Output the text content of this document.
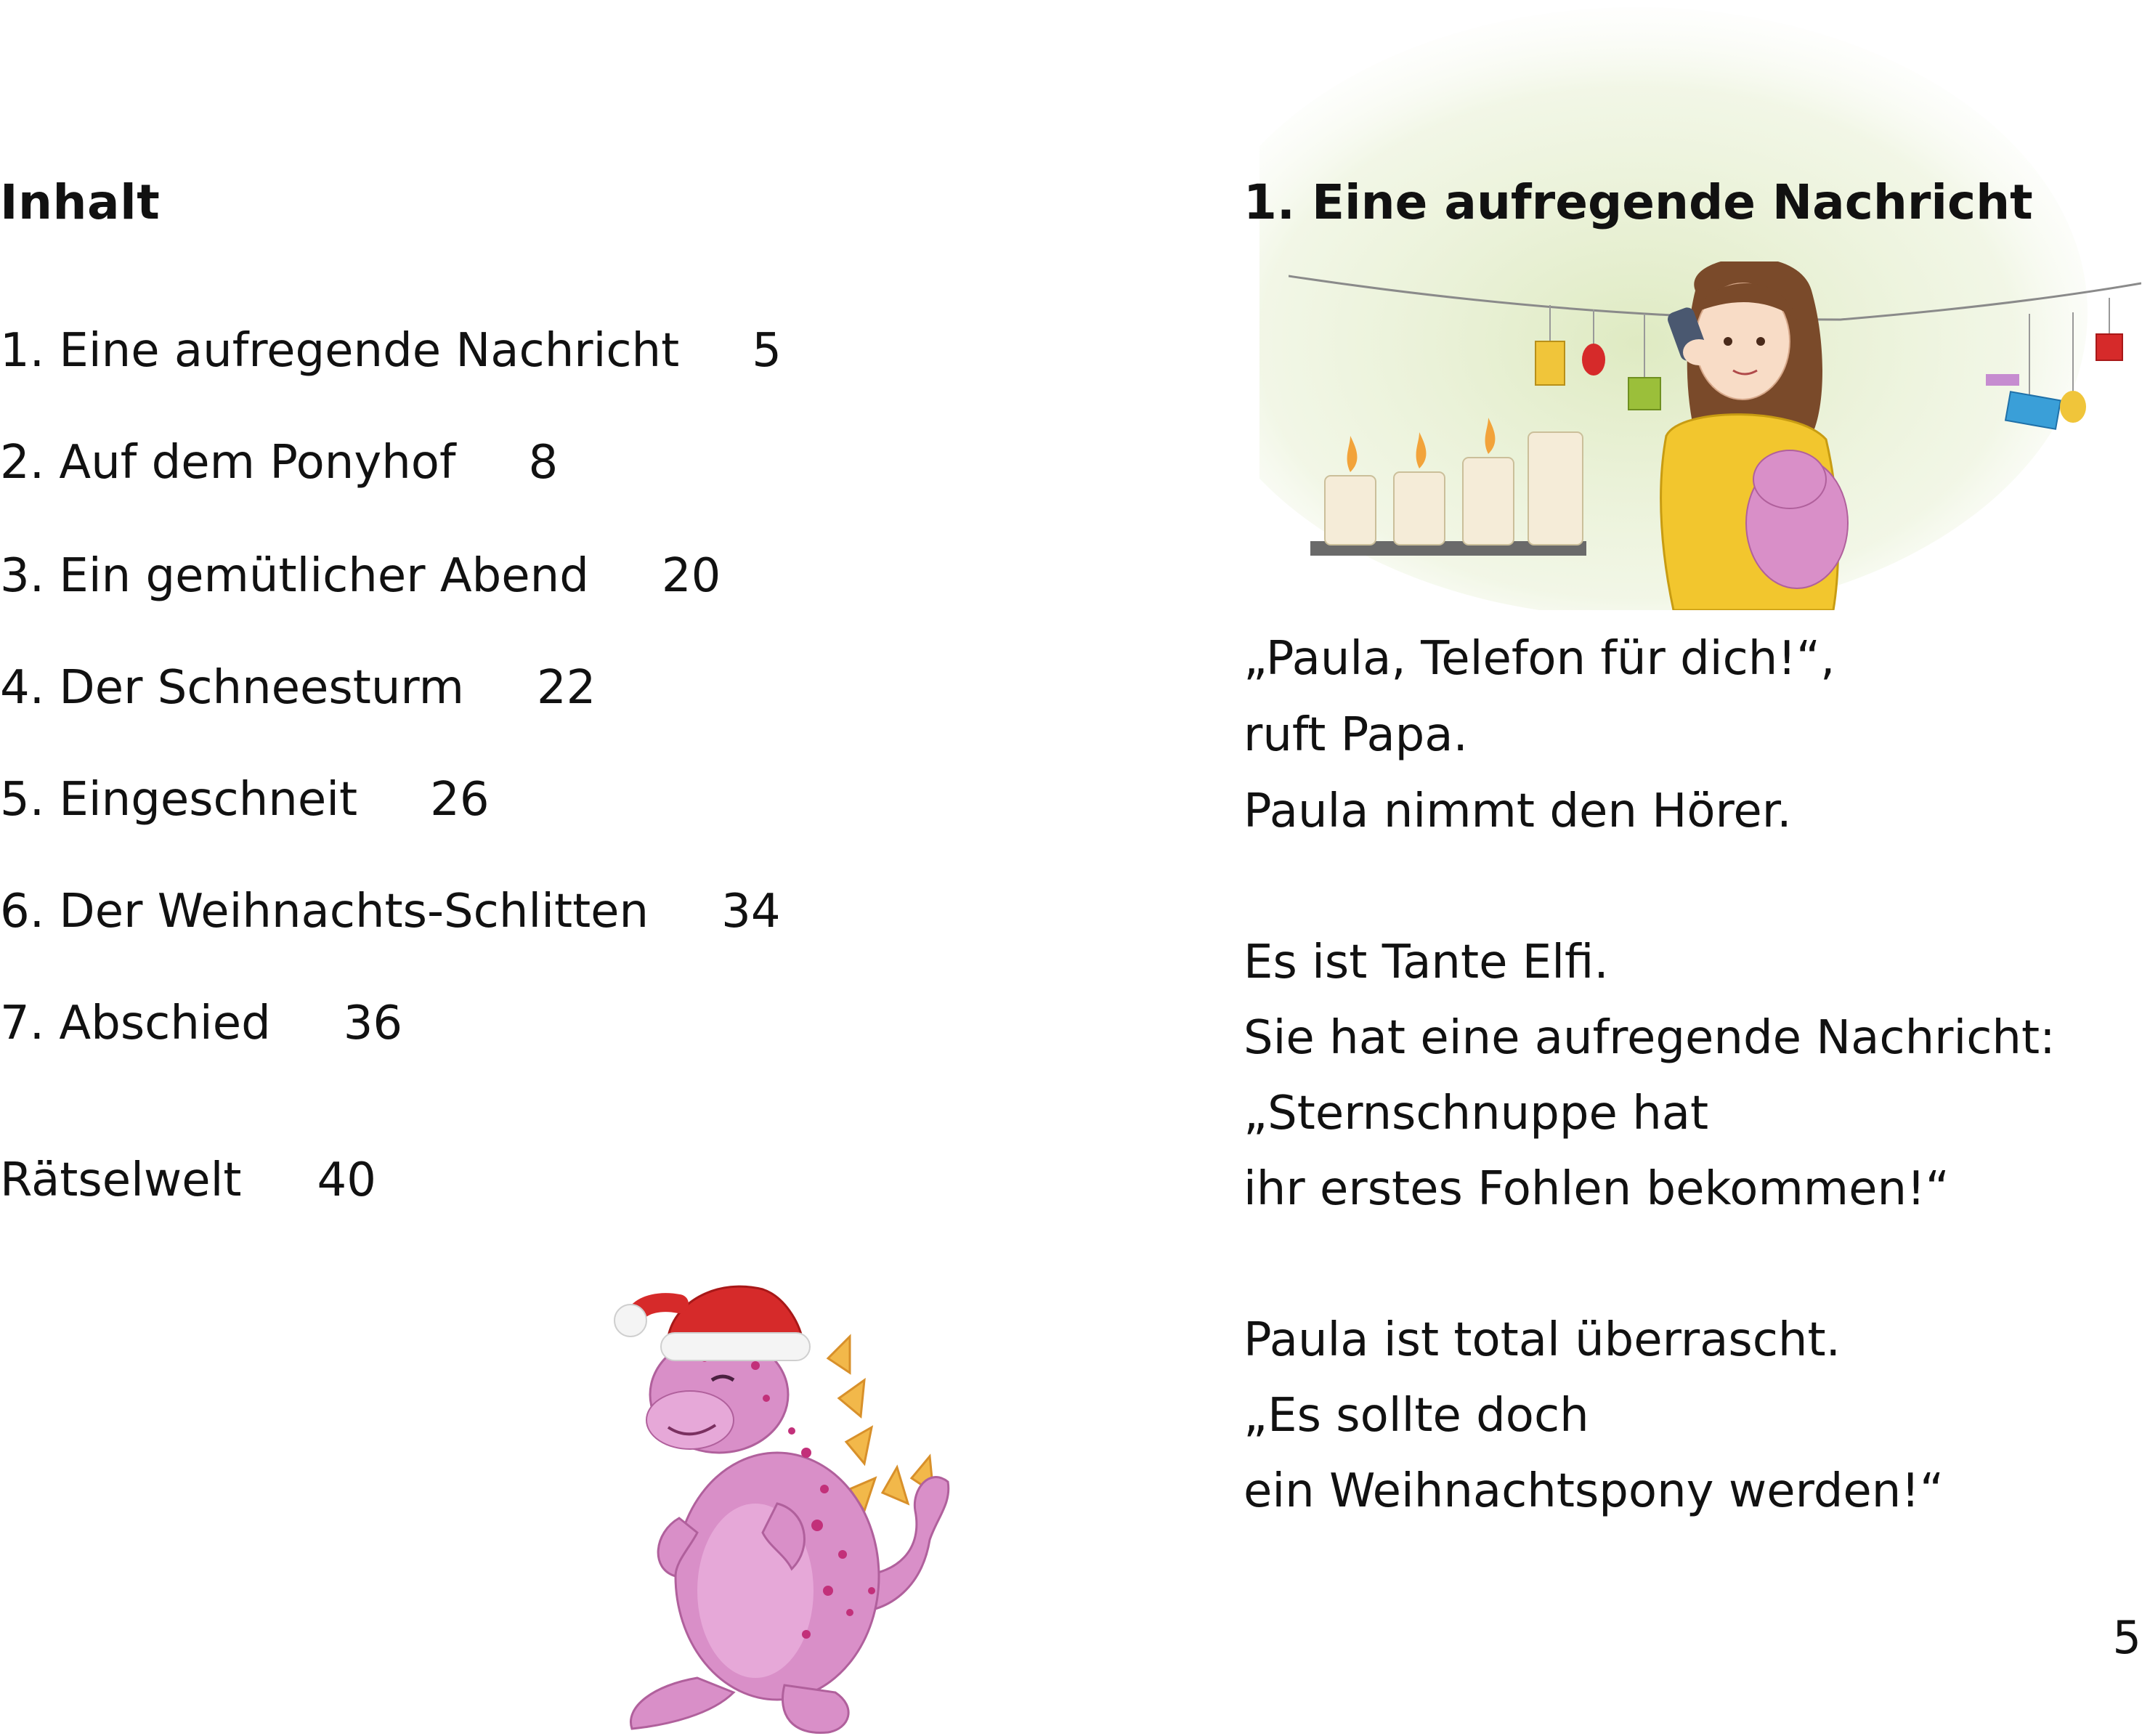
Inhalt
1. Eine aufregende Nachricht 5
2. Auf dem Ponyhof 8
3. Ein gemütlicher Abend 20
4. Der Schneesturm 22
5. Eingeschneit 26
6. Der Weihnachts-Schlitten 34
7. Abschied 36
Rätselwelt 40
1. Eine aufregende Nachricht
„Paula, Telefon für dich!“,
ruft Papa.
Paula nimmt den Hörer.
Es ist Tante Elfi.
Sie hat eine aufregende Nachricht:
„Sternschnuppe hat
ihr erstes Fohlen bekommen!“
Paula ist total überrascht.
„Es sollte doch
ein Weihnachtspony werden!“
5
